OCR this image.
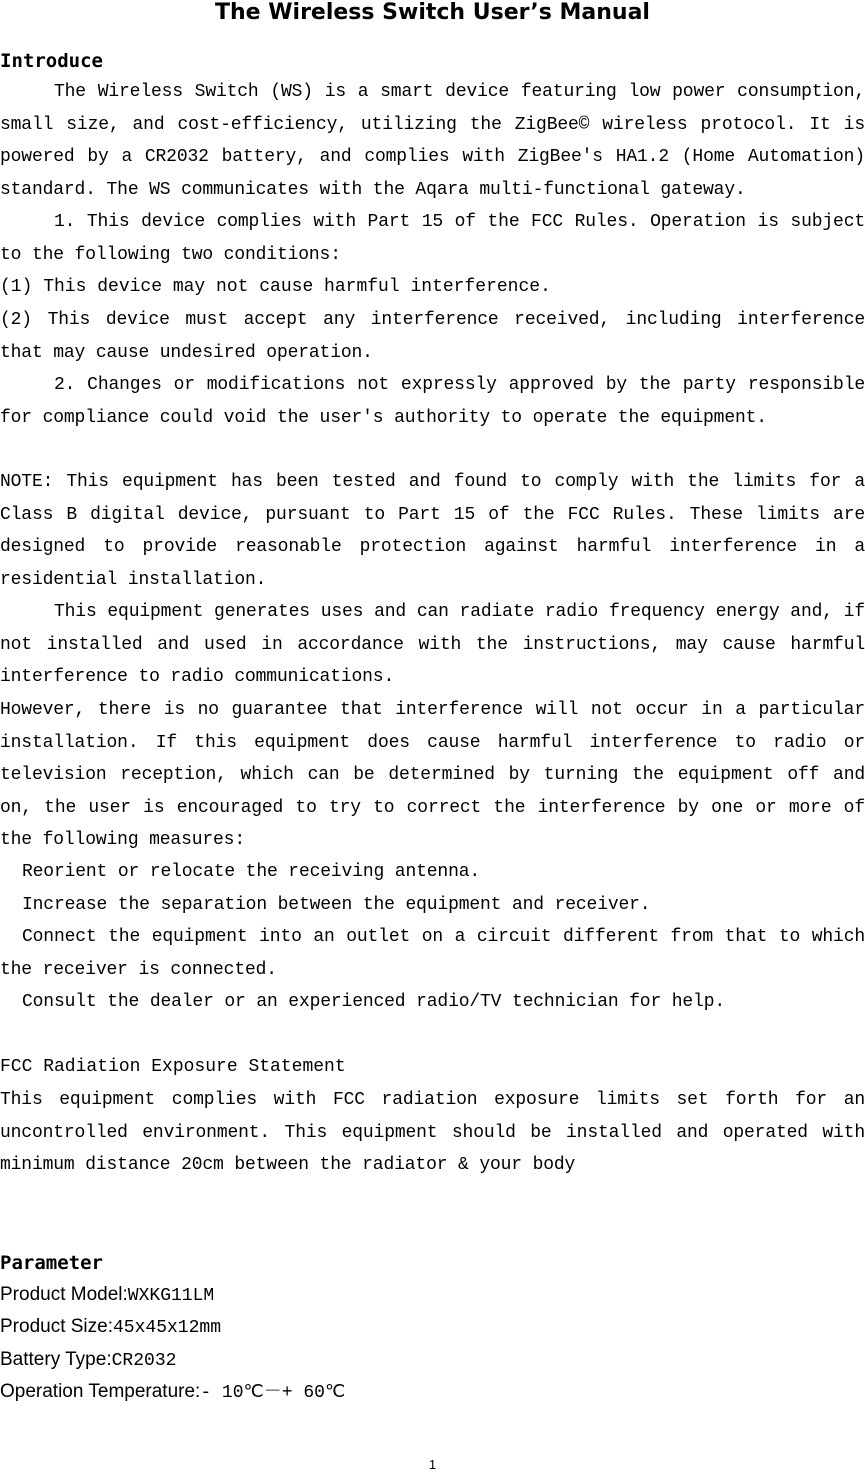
The Wireless Switch User’s Manual
Introduce
The Wireless Switch (WS) is a smart device featuring low power consumption, small size, and cost-efficiency, utilizing the ZigBee© wireless protocol. It is powered by a CR2032 battery, and complies with ZigBee's HA1.2 (Home Automation) standard. The WS communicates with the Aqara multi-functional gateway.
1. This device complies with Part 15 of the FCC Rules. Operation is subject to the following two conditions:
(1) This device may not cause harmful interference.
(2) This device must accept any interference received, including interference that may cause undesired operation.
2. Changes or modifications not expressly approved by the party responsible for compliance could void the user's authority to operate the equipment.
NOTE: This equipment has been tested and found to comply with the limits for a Class B digital device, pursuant to Part 15 of the FCC Rules. These limits are designed to provide reasonable protection against harmful interference in a residential installation.
This equipment generates uses and can radiate radio frequency energy and, if not installed and used in accordance with the instructions, may cause harmful interference to radio communications.
However, there is no guarantee that interference will not occur in a particular installation. If this equipment does cause harmful interference to radio or television reception, which can be determined by turning the equipment off and on, the user is encouraged to try to correct the interference by one or more of the following measures:
Reorient or relocate the receiving antenna.
Increase the separation between the equipment and receiver.
Connect the equipment into an outlet on a circuit different from that to which the receiver is connected.
Consult the dealer or an experienced radio/TV technician for help.
FCC Radiation Exposure Statement
This equipment complies with FCC radiation exposure limits set forth for an uncontrolled environment. This equipment should be installed and operated with minimum distance 20cm between the radiator & your body
Parameter
Product Model:WXKG11LM
Product Size:45x45x12mm
Battery Type:CR2032
Operation Temperature:- 10℃－+ 60℃
1
